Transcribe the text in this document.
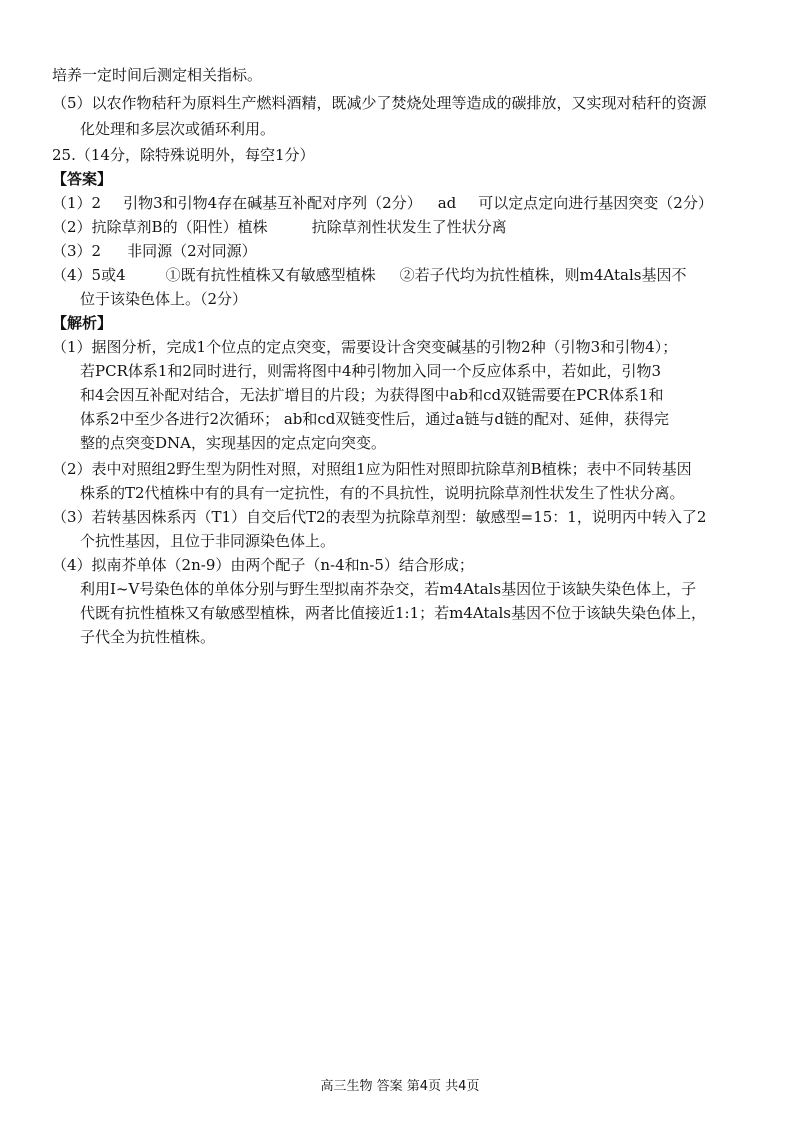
培养一定时间后测定相关指标。
（5）以农作物秸秆为原料生产燃料酒精，既减少了焚烧处理等造成的碳排放，又实现对秸秆的资源
化处理和多层次或循环利用。
25.（14分，除特殊说明外，每空1分）
【答案】
（1）2 引物3和引物4存在碱基互补配对序列（2分） ad 可以定点定向进行基因突变（2分）
（2）抗除草剂B的（阳性）植株	抗除草剂性状发生了性状分离
（3）2 非同源（2对同源）
（4）5或4	①既有抗性植株又有敏感型植株 ②若子代均为抗性植株，则m4Atals基因不
位于该染色体上。（2分）
【解析】
（1）据图分析，完成1个位点的定点突变，需要设计含突变碱基的引物2种（引物3和引物4）；
若PCR体系1和2同时进行，则需将图中4种引物加入同一个反应体系中，若如此，引物3
和4会因互补配对结合，无法扩增目的片段；为获得图中ab和cd双链需要在PCR体系1和
体系2中至少各进行2次循环； ab和cd双链变性后，通过a链与d链的配对、延伸，获得完
整的点突变DNA，实现基因的定点定向突变。
（2）表中对照组2野生型为阴性对照，对照组1应为阳性对照即抗除草剂B植株；表中不同转基因
株系的T2代植株中有的具有一定抗性，有的不具抗性，说明抗除草剂性状发生了性状分离。
（3）若转基因株系丙（T1）自交后代T2的表型为抗除草剂型：敏感型=15：1，说明丙中转入了2
个抗性基因，且位于非同源染色体上。
（4）拟南芥单体（2n-9）由两个配子（n-4和n-5）结合形成；
利用I~V号染色体的单体分别与野生型拟南芥杂交，若m4Atals基因位于该缺失染色体上，子
代既有抗性植株又有敏感型植株，两者比值接近1:1；若m4Atals基因不位于该缺失染色体上，
子代全为抗性植株。
高三生物 答案 第4页 共4页
